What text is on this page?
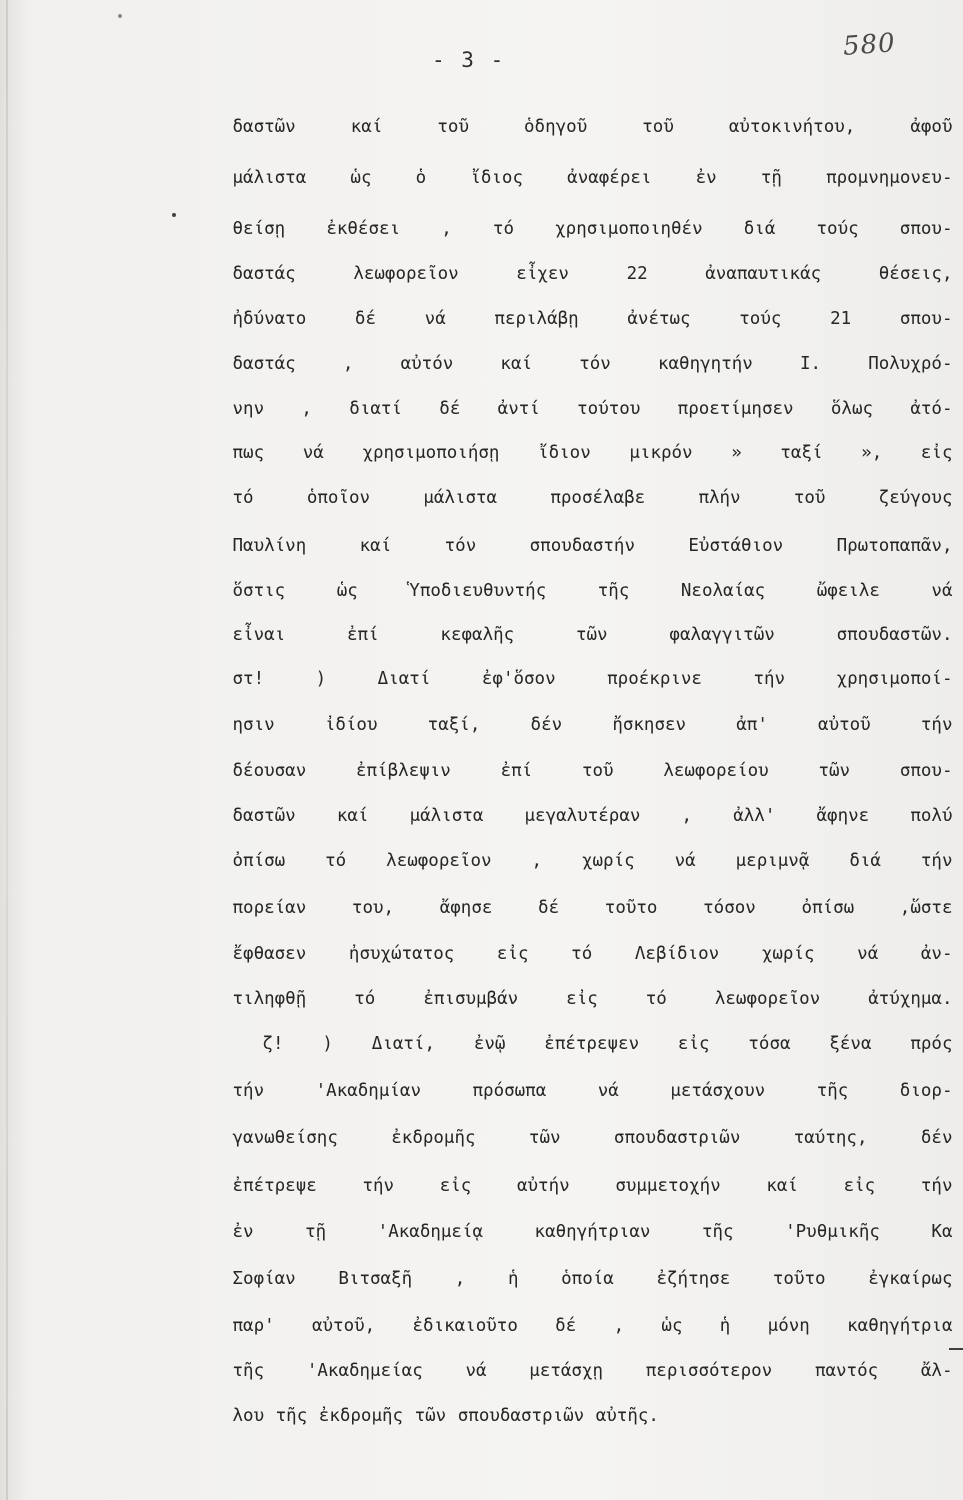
580
- 3 -
δαστῶν καί τοῦ ὁδηγοῦ τοῦ αὐτοκινήτου, ἀφοῦ
μάλιστα ὡς ὁ ἴδιος ἀναφέρει ἐν τῇ προμνημονευ-
θείσῃ ἐκθέσει , τό χρησιμοποιηθέν διά τούς σπου-
δαστάς λεωφορεῖον εἶχεν 22 ἀναπαυτικάς θέσεις,
ἠδύνατο δέ νά περιλάβῃ ἀνέτως τούς 21 σπου-
δαστάς , αὐτόν καί τόν καθηγητήν Ι. Πολυχρό-
νην , διατί δέ ἀντί τούτου προετίμησεν ὅλως ἀτό-
πως νά χρησιμοποιήσῃ ἴδιον μικρόν » ταξί », εἰς
τό ὁποῖον μάλιστα προσέλαβε πλήν τοῦ ζεύγους
Παυλίνη καί τόν σπουδαστήν Εὐστάθιον Πρωτοπαπᾶν,
ὅστις ὡς Ὑποδιευθυντής τῆς Νεολαίας ὤφειλε νά
εἶναι ἐπί κεφαλῆς τῶν φαλαγγιτῶν σπουδαστῶν.
στ! ) Διατί ἐφ'ὅσον προέκρινε τήν χρησιμοποί-
ησιν ἰδίου ταξί, δέν ἤσκησεν ἀπ' αὐτοῦ τήν
δέουσαν ἐπίβλεψιν ἐπί τοῦ λεωφορείου τῶν σπου-
δαστῶν καί μάλιστα μεγαλυτέραν , ἀλλ' ἄφηνε πολύ
ὀπίσω τό λεωφορεῖον , χωρίς νά μεριμνᾷ διά τήν
πορείαν του, ἄφησε δέ τοῦτο τόσον ὀπίσω ,ὥστε
ἔφθασεν ἠσυχώτατος εἰς τό Λεβίδιον χωρίς νά ἀν-
τιληφθῇ τό ἐπισυμβάν εἰς τό λεωφορεῖον ἀτύχημα.
ζ! ) Διατί, ἐνῷ ἐπέτρεψεν εἰς τόσα ξένα πρός
τήν 'Ακαδημίαν πρόσωπα νά μετάσχουν τῆς διορ-
γανωθείσης ἐκδρομῆς τῶν σπουδαστριῶν ταύτης, δέν
ἐπέτρεψε τήν εἰς αὐτήν συμμετοχήν καί εἰς τήν
ἐν τῇ 'Ακαδημείᾳ καθηγήτριαν τῆς 'Ρυθμικῆς Κα
Σοφίαν Βιτσαξῆ , ἡ ὁποία ἐζήτησε τοῦτο ἐγκαίρως
παρ' αὐτοῦ, ἐδικαιοῦτο δέ , ὡς ἡ μόνη καθηγήτρια
τῆς 'Ακαδημείας νά μετάσχῃ περισσότερον παντός ἄλ-
λου τῆς ἐκδρομῆς τῶν σπουδαστριῶν αὐτῆς.
